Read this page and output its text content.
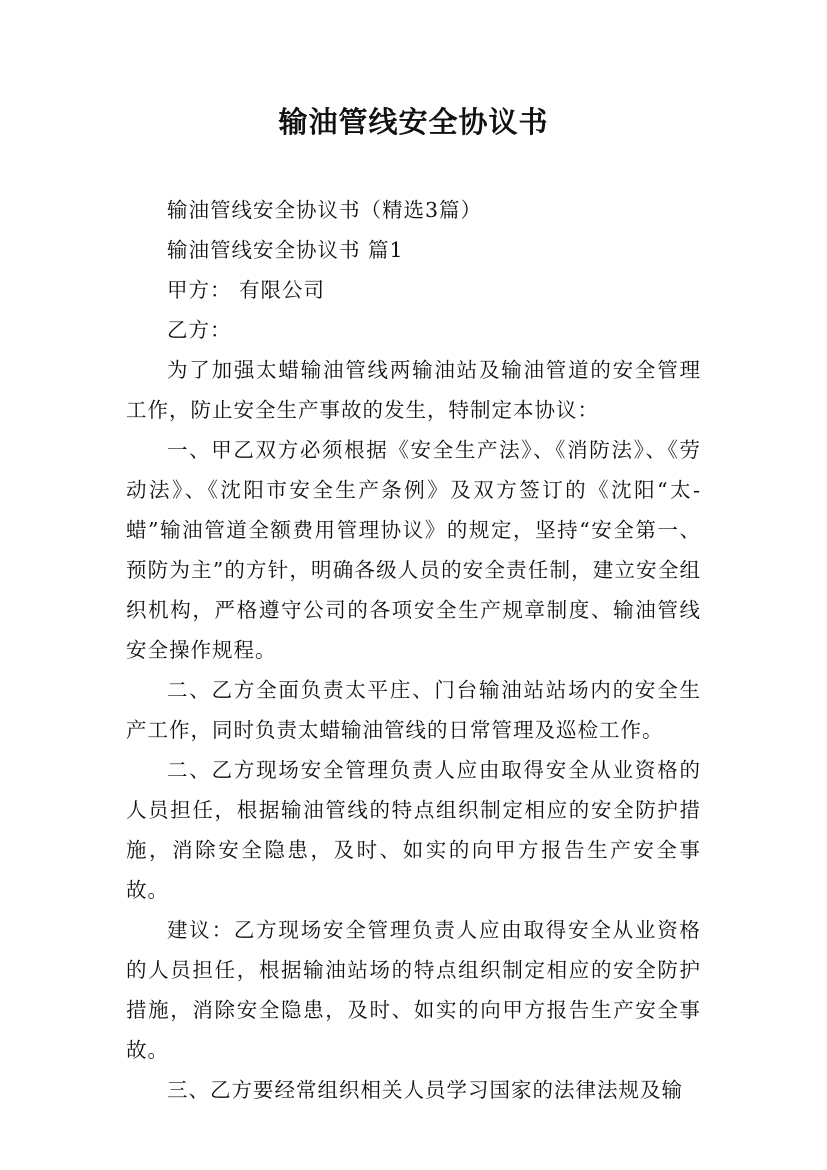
输油管线安全协议书

输油管线安全协议书（精选3篇）

输油管线安全协议书 篇1

甲方： 有限公司

乙方：

为了加强太蜡输油管线两输油站及输油管道的安全管理工作，防止安全生产事故的发生，特制定本协议：

一、甲乙双方必须根据《安全生产法》、《消防法》、《劳动法》、《沈阳市安全生产条例》及双方签订的《沈阳“太-蜡”输油管道全额费用管理协议》的规定，坚持“安全第一、预防为主”的方针，明确各级人员的安全责任制，建立安全组织机构，严格遵守公司的各项安全生产规章制度、输油管线安全操作规程。

二、乙方全面负责太平庄、门台输油站站场内的安全生产工作，同时负责太蜡输油管线的日常管理及巡检工作。

二、乙方现场安全管理负责人应由取得安全从业资格的人员担任，根据输油管线的特点组织制定相应的安全防护措施，消除安全隐患，及时、如实的向甲方报告生产安全事故。

建议：乙方现场安全管理负责人应由取得安全从业资格的人员担任，根据输油站场的特点组织制定相应的安全防护措施，消除安全隐患，及时、如实的向甲方报告生产安全事故。

三、乙方要经常组织相关人员学习国家的法律法规及输
